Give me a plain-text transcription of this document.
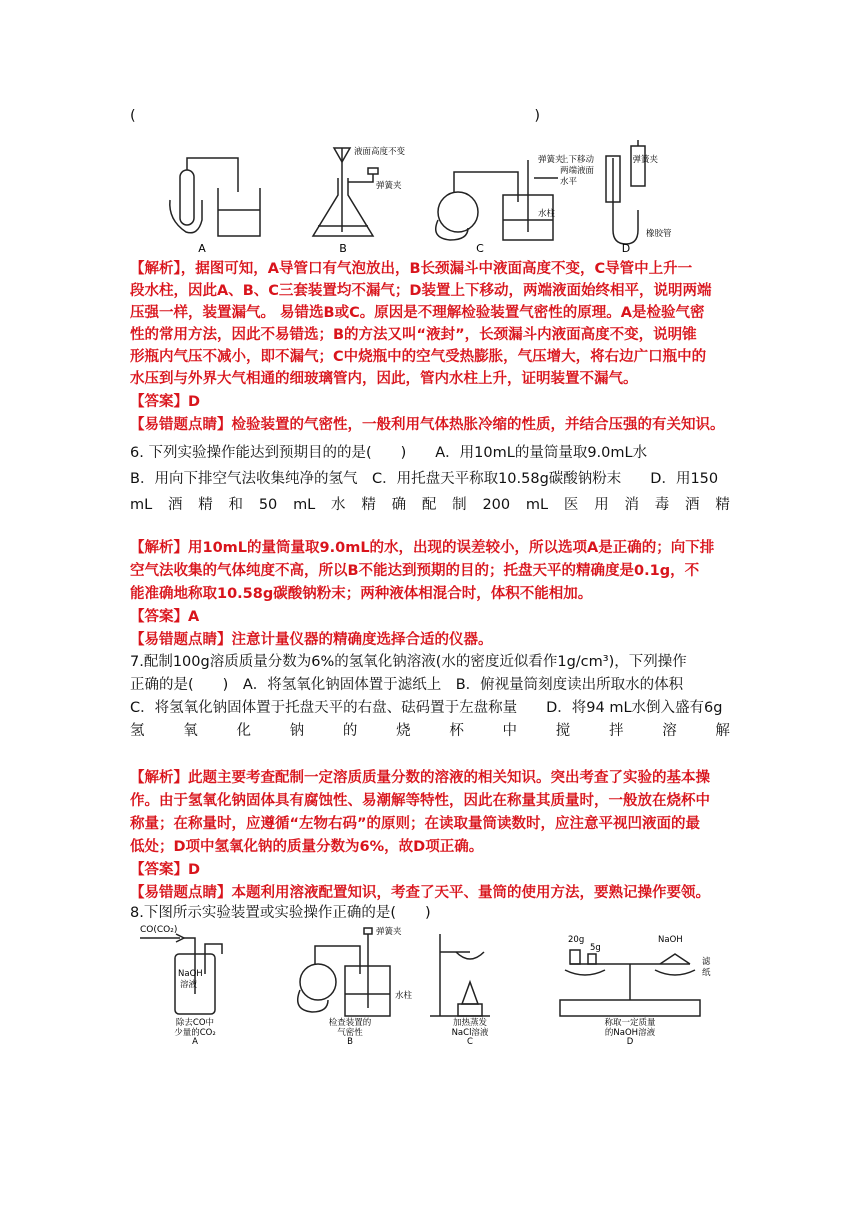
(	)
A	B	C	D
液面高度不变
弹簧夹
弹簧夹
水柱
上下移动
两端液面
水平
弹簧夹
橡胶管
【解析】，据图可知，A导管口有气泡放出，B长颈漏斗中液面高度不变，C导管中上升一
段水柱，因此A、B、C三套装置均不漏气；D装置上下移动，两端液面始终相平，说明两端
压强一样，装置漏气。 易错选B或C。原因是不理解检验装置气密性的原理。A是检验气密
性的常用方法，因此不易错选；B的方法又叫“液封”，长颈漏斗内液面高度不变，说明锥
形瓶内气压不减小，即不漏气；C中烧瓶中的空气受热膨胀，气压增大，将右边广口瓶中的
水压到与外界大气相通的细玻璃管内，因此，管内水柱上升，证明装置不漏气。
【答案】D
【易错题点睛】检验装置的气密性，一般利用气体热胀冷缩的性质，并结合压强的有关知识。
6. 下列实验操作能达到预期目的的是(　　)　　A．用10mL的量筒量取9.0mL水
B．用向下排空气法收集纯净的氢气　C．用托盘天平称取10.58g碳酸钠粉末　　D．用150
mL 酒 精 和 50 mL 水 精 确 配 制 200 mL 医 用 消 毒 酒 精
【解析】用10mL的量筒量取9.0mL的水，出现的误差较小，所以选项A是正确的；向下排
空气法收集的气体纯度不高，所以B不能达到预期的目的；托盘天平的精确度是0.1g，不
能准确地称取10.58g碳酸钠粉末；两种液体相混合时，体积不能相加。
【答案】A
【易错题点睛】注意计量仪器的精确度选择合适的仪器。
7.配制100g溶质质量分数为6%的氢氧化钠溶液(水的密度近似看作1g/cm³)，下列操作
正确的是(　　)　A．将氢氧化钠固体置于滤纸上　B．俯视量筒刻度读出所取水的体积
C．将氢氧化钠固体置于托盘天平的右盘、砝码置于左盘称量　　D．将94 mL水倒入盛有6g
氢	氧	化	钠	的	烧	杯	中	搅	拌	溶	解
【解析】此题主要考查配制一定溶质质量分数的溶液的相关知识。突出考查了实验的基本操
作。由于氢氧化钠固体具有腐蚀性、易潮解等特性，因此在称量其质量时，一般放在烧杯中
称量；在称量时，应遵循“左物右码”的原则；在读取量筒读数时，应注意平视凹液面的最
低处；D项中氢氧化钠的质量分数为6%，故D项正确。
【答案】D
【易错题点睛】本题利用溶液配置知识，考查了天平、量筒的使用方法，要熟记操作要领。
8.下图所示实验装置或实验操作正确的是(　　)
CO(CO₂)
NaOH
溶液
除去CO中
少量的CO₂
A
弹簧夹
水柱
检查装置的
气密性
B
加热蒸发
NaCl溶液
C
20g
5g
NaOH
滤
纸
称取一定质量
的NaOH溶液
D
